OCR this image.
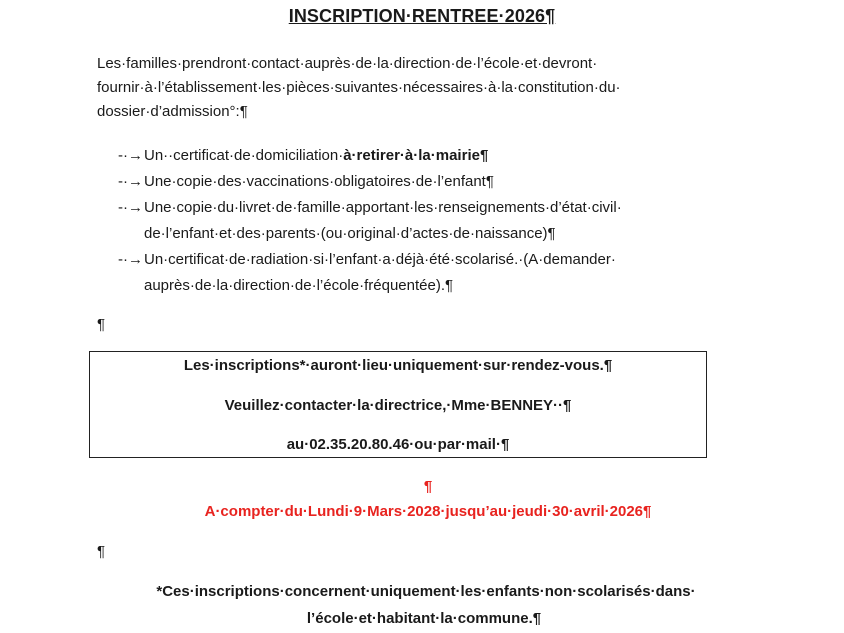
INSCRIPTION·RENTREE·2026¶

Les·familles·prendront·contact·auprès·de·la·direction·de·l’école·et·devront·

fournir·à·l’établissement·les·pièces·suivantes·nécessaires·à·la·constitution·du·

dossier·d’admission°:¶

-·→ Un··certificat·de·domiciliation·à·retirer·à·la·mairie¶
-·→ Une·copie·des·vaccinations·obligatoires·de·l’enfant¶
-·→ Une·copie·du·livret·de·famille·apportant·les·renseignements·d’état·civil·
de·l’enfant·et·des·parents·(ou·original·d’actes·de·naissance)¶
-·→ Un·certificat·de·radiation·si·l’enfant·a·déjà·été·scolarisé.·(A·demander·
auprès·de·la·direction·de·l’école·fréquentée).¶
¶
Les·inscriptions*·auront·lieu·uniquement·sur·rendez-vous.¶
Veuillez·contacter·la·directrice,·Mme·BENNEY··¶
au·02.35.20.80.46·ou·par·mail·¶
¶
A·compter·du·Lundi·9·Mars·2028·jusqu’au·jeudi·30·avril·2026¶
¶
*Ces·inscriptions·concernent·uniquement·les·enfants·non·scolarisés·dans·
l’école·et·habitant·la·commune.¶
